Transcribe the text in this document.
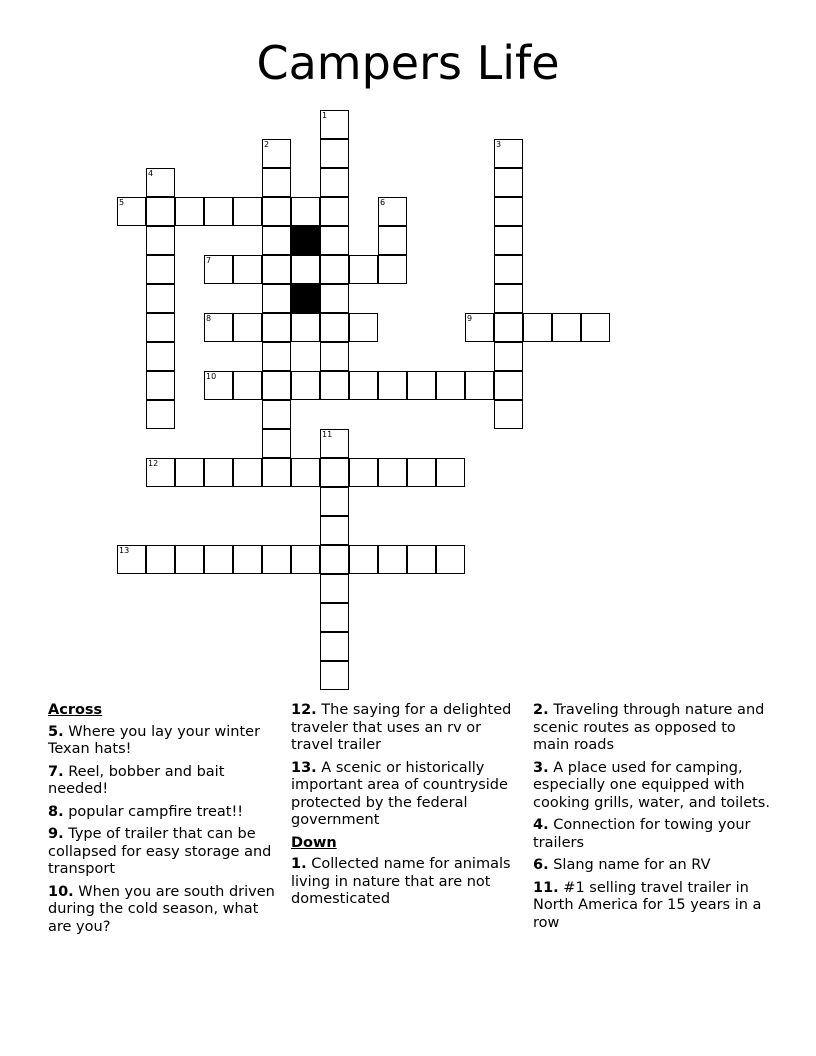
Campers Life
1
2	3
4
5	6
7
8	9
10
11
12
13
Across
5. Where you lay your winter Texan hats!
7. Reel, bobber and bait needed!
8. popular campfire treat!!
9. Type of trailer that can be collapsed for easy storage and transport
10. When you are south driven during the cold season, what are you?
12. The saying for a delighted traveler that uses an rv or travel trailer
13. A scenic or historically important area of countryside protected by the federal government
Down
1. Collected name for animals living in nature that are not domesticated
2. Traveling through nature and scenic routes as opposed to main roads
3. A place used for camping, especially one equipped with cooking grills, water, and toilets.
4. Connection for towing your trailers
6. Slang name for an RV
11. #1 selling travel trailer in North America for 15 years in a row
